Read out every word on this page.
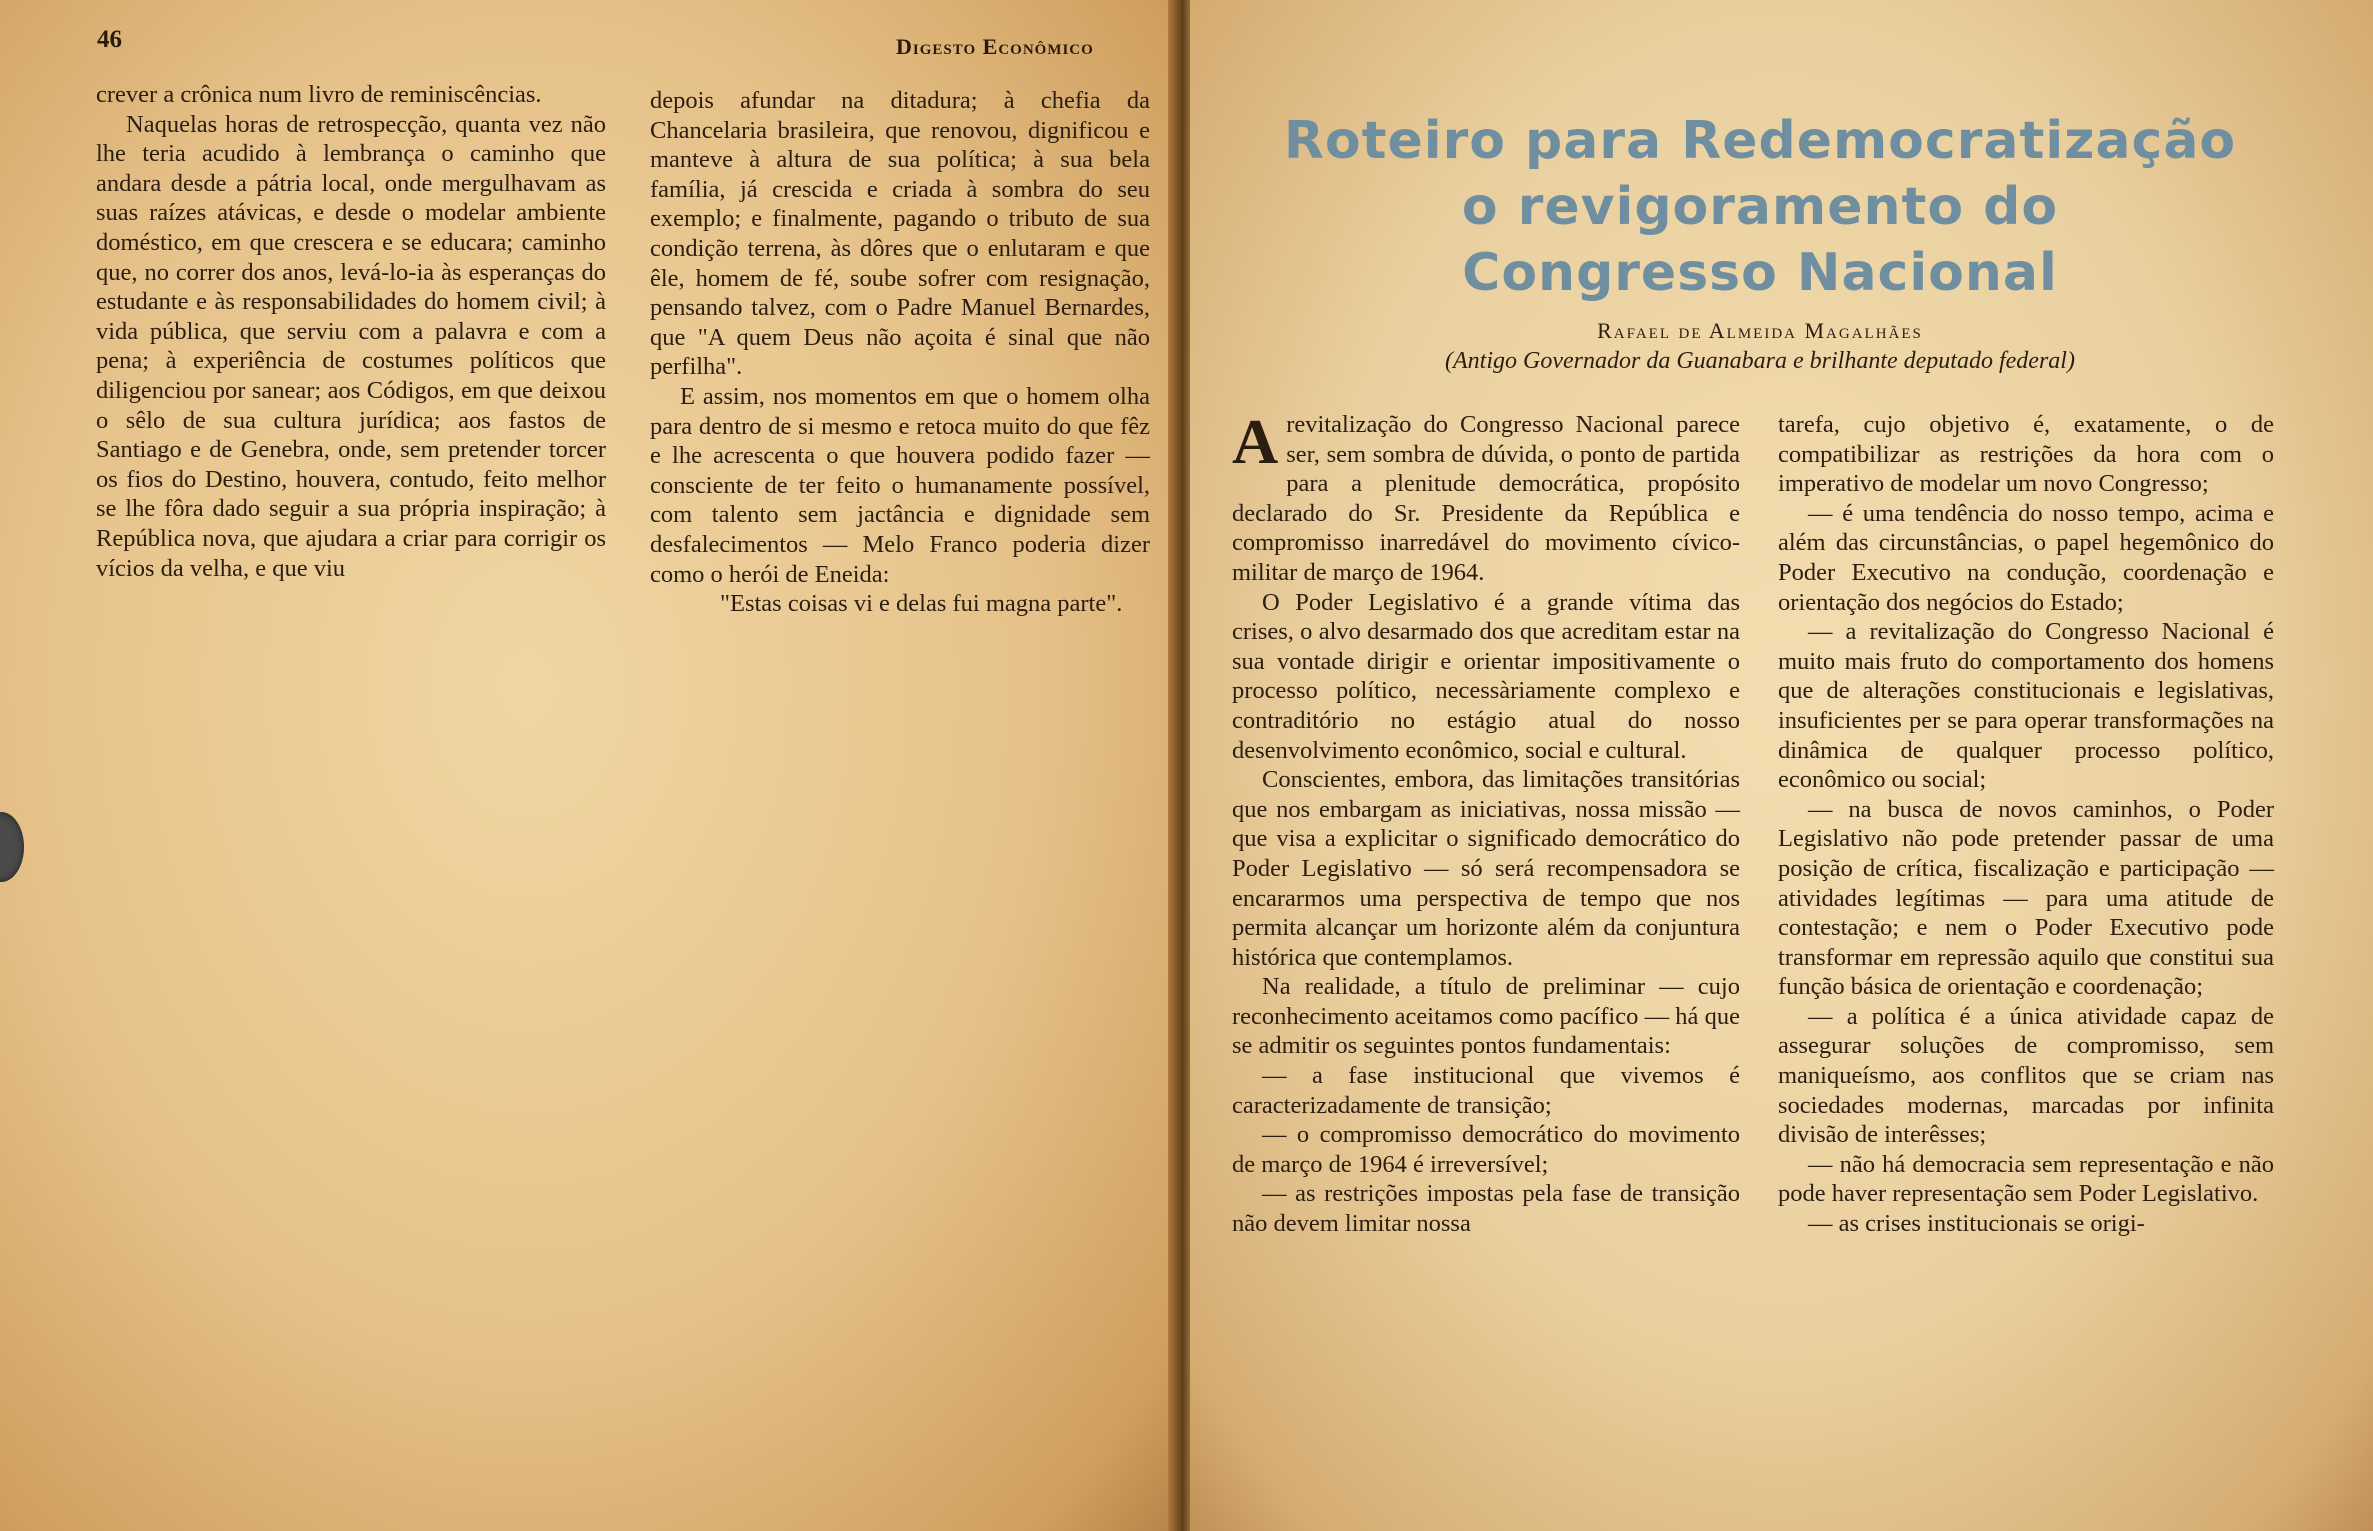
46	Digesto Econômico

crever a crônica num livro de reminiscências.

Naquelas horas de retrospecção, quanta vez não lhe teria acudido à lembrança o caminho que andara desde a pátria local, onde mergulhavam as suas raízes atávicas, e desde o modelar ambiente doméstico, em que crescera e se educara; caminho que, no correr dos anos, levá-lo-ia às esperanças do estudante e às responsabilidades do homem civil; à vida pública, que serviu com a palavra e com a pena; à experiência de costumes políticos que diligenciou por sanear; aos Códigos, em que deixou o sêlo de sua cultura jurídica; aos fastos de Santiago e de Genebra, onde, sem pretender torcer os fios do Destino, houvera, contudo, feito melhor se lhe fôra dado seguir a sua própria inspiração; à República nova, que ajudara a criar para corrigir os vícios da velha, e que viu

depois afundar na ditadura; à chefia da Chancelaria brasileira, que renovou, dignificou e manteve à altura de sua política; à sua bela família, já crescida e criada à sombra do seu exemplo; e finalmente, pagando o tributo de sua condição terrena, às dôres que o enlutaram e que êle, homem de fé, soube sofrer com resignação, pensando talvez, com o Padre Manuel Bernardes, que "A quem Deus não açoita é sinal que não perfilha".

E assim, nos momentos em que o homem olha para dentro de si mesmo e retoca muito do que fêz e lhe acrescenta o que houvera podido fazer — consciente de ter feito o humanamente possível, com talento sem jactância e dignidade sem desfalecimentos — Melo Franco poderia dizer como o herói de Eneida:

"Estas coisas vi e delas fui magna parte".

Roteiro para Redemocratização
o revigoramento do
Congresso Nacional
Rafael de Almeida Magalhães
(Antigo Governador da Guanabara e brilhante deputado federal)

Arevitalização do Congresso Nacional parece ser, sem sombra de dúvida, o ponto de partida para a plenitude democrática, propósito declarado do Sr. Presidente da República e compromisso inarredável do movimento cívico-militar de março de 1964.

O Poder Legislativo é a grande vítima das crises, o alvo desarmado dos que acreditam estar na sua vontade dirigir e orientar impositivamente o processo político, necessàriamente complexo e contraditório no estágio atual do nosso desenvolvimento econômico, social e cultural.

Conscientes, embora, das limitações transitórias que nos embargam as iniciativas, nossa missão — que visa a explicitar o significado democrático do Poder Legislativo — só será recompensadora se encararmos uma perspectiva de tempo que nos permita alcançar um horizonte além da conjuntura histórica que contemplamos.

Na realidade, a título de preliminar — cujo reconhecimento aceitamos como pacífico — há que se admitir os seguintes pontos fundamentais:

— a fase institucional que vivemos é caracterizadamente de transição;

— o compromisso democrático do movimento de março de 1964 é irreversível;

— as restrições impostas pela fase de transição não devem limitar nossa

tarefa, cujo objetivo é, exatamente, o de compatibilizar as restrições da hora com o imperativo de modelar um novo Congresso;

— é uma tendência do nosso tempo, acima e além das circunstâncias, o papel hegemônico do Poder Executivo na condução, coordenação e orientação dos negócios do Estado;

— a revitalização do Congresso Nacional é muito mais fruto do comportamento dos homens que de alterações constitucionais e legislativas, insuficientes per se para operar transformações na dinâmica de qualquer processo político, econômico ou social;

— na busca de novos caminhos, o Poder Legislativo não pode pretender passar de uma posição de crítica, fiscalização e participação — atividades legítimas — para uma atitude de contestação; e nem o Poder Executivo pode transformar em repressão aquilo que constitui sua função básica de orientação e coordenação;

— a política é a única atividade capaz de assegurar soluções de compromisso, sem maniqueísmo, aos conflitos que se criam nas sociedades modernas, marcadas por infinita divisão de interêsses;

— não há democracia sem representação e não pode haver representação sem Poder Legislativo.

— as crises institucionais se origi-
